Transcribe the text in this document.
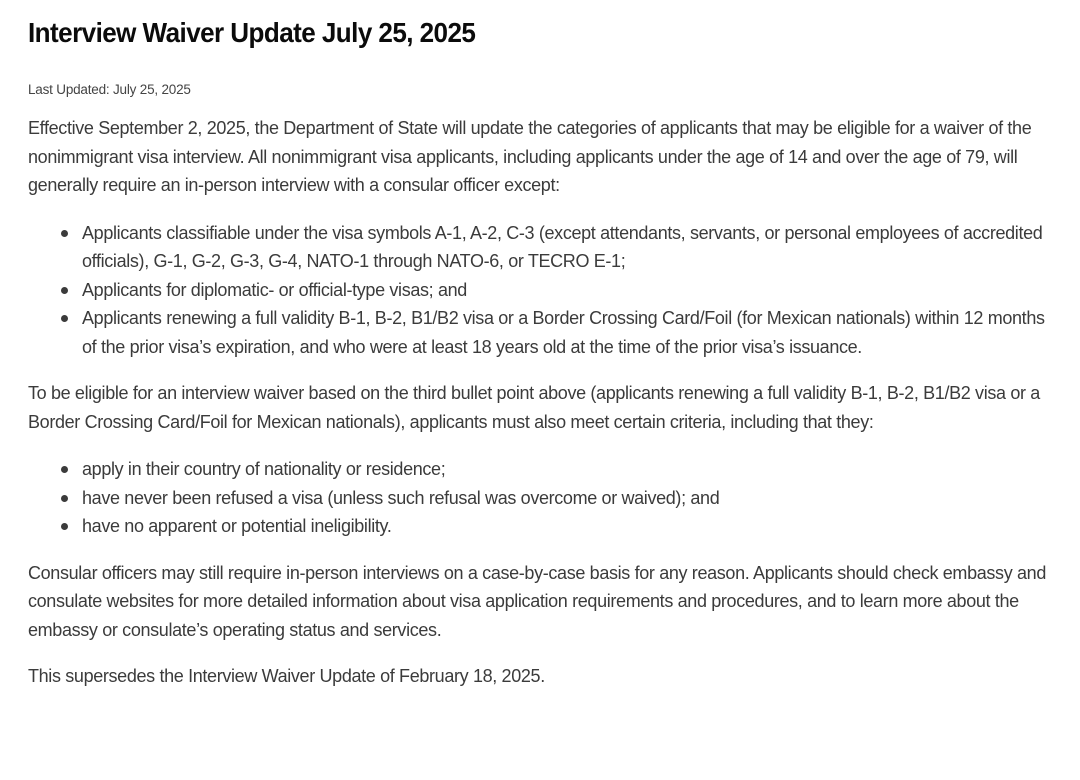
Interview Waiver Update July 25, 2025
Last Updated: July 25, 2025

Effective September 2, 2025, the Department of State will update the categories of applicants that may be eligible for a waiver of the nonimmigrant visa interview. All nonimmigrant visa applicants, including applicants under the age of 14 and over the age of 79, will generally require an in-person interview with a consular officer except:

Applicants classifiable under the visa symbols A-1, A-2, C-3 (except attendants, servants, or personal employees of accredited officials), G-1, G-2, G-3, G-4, NATO-1 through NATO-6, or TECRO E-1;
Applicants for diplomatic- or official-type visas; and
Applicants renewing a full validity B-1, B-2, B1/B2 visa or a Border Crossing Card/Foil (for Mexican nationals) within 12 months of the prior visa’s expiration, and who were at least 18 years old at the time of the prior visa’s issuance.

To be eligible for an interview waiver based on the third bullet point above (applicants renewing a full validity B-1, B-2, B1/B2 visa or a Border Crossing Card/Foil for Mexican nationals), applicants must also meet certain criteria, including that they:

apply in their country of nationality or residence;
have never been refused a visa (unless such refusal was overcome or waived); and
have no apparent or potential ineligibility.

Consular officers may still require in-person interviews on a case-by-case basis for any reason. Applicants should check embassy and consulate websites for more detailed information about visa application requirements and procedures, and to learn more about the embassy or consulate’s operating status and services.

This supersedes the Interview Waiver Update of February 18, 2025.
